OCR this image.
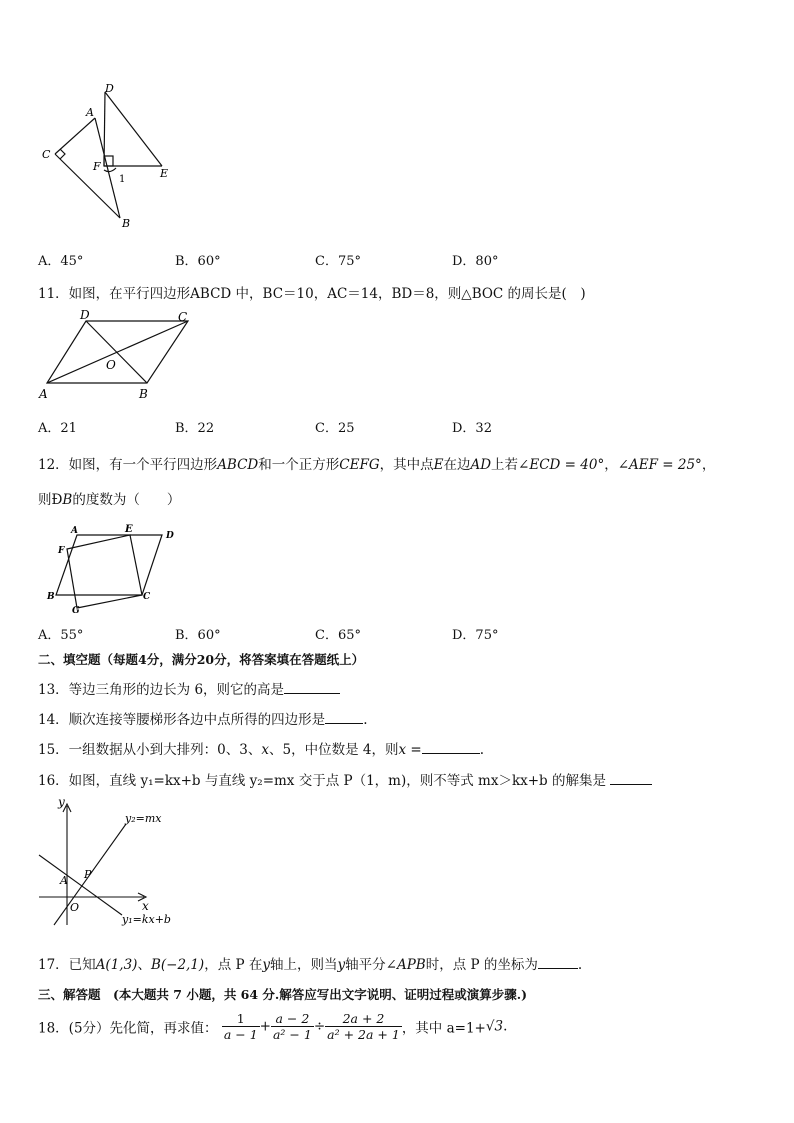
A
D
C
F
1	E
B
A．45°	B．60°	C．75°	D．80°
11．如图，在平行四边形ABCD 中，BC＝10，AC＝14，BD＝8，则△BOC 的周长是(　)
D	C
O
A	B
A．21	B．22	C．25	D．32
12．如图，有一个平行四边形ABCD和一个正方形CEFG，其中点E在边AD上若∠ECD = 40°，∠AEF = 25°，
则ÐB的度数为（　　）
A	E
D
F
B	C
G
A．55°	B．60°	C．65°	D．75°
二、填空题（每题4分，满分20分，将答案填在答题纸上）
13．等边三角形的边长为 6，则它的高是
14．顺次连接等腰梯形各边中点所得的四边形是	.
15．一组数据从小到大排列：0、3、x、5，中位数是 4，则x =	.
16．如图，直线 y₁=kx+b 与直线 y₂=mx 交于点 P（1，m)，则不等式 mx＞kx+b 的解集是
y
x
y₂=mx
y₁=kx+b
A P
O
17．已知A(1,3)、B(−2,1)，点 P 在y轴上，则当y轴平分∠APB时，点 P 的坐标为	.
三、解答题　(本大题共 7 小题，共 64 分.解答应写出文字说明、证明过程或演算步骤.)
18．(5分）先化简，再求值： $\frac{1}{a - 1} + \frac{a - 2}{\text{a² − 1}} \div \frac{2a + 2}{\text{a² + 2a + 1}}$ ，其中 a=1+√3.
